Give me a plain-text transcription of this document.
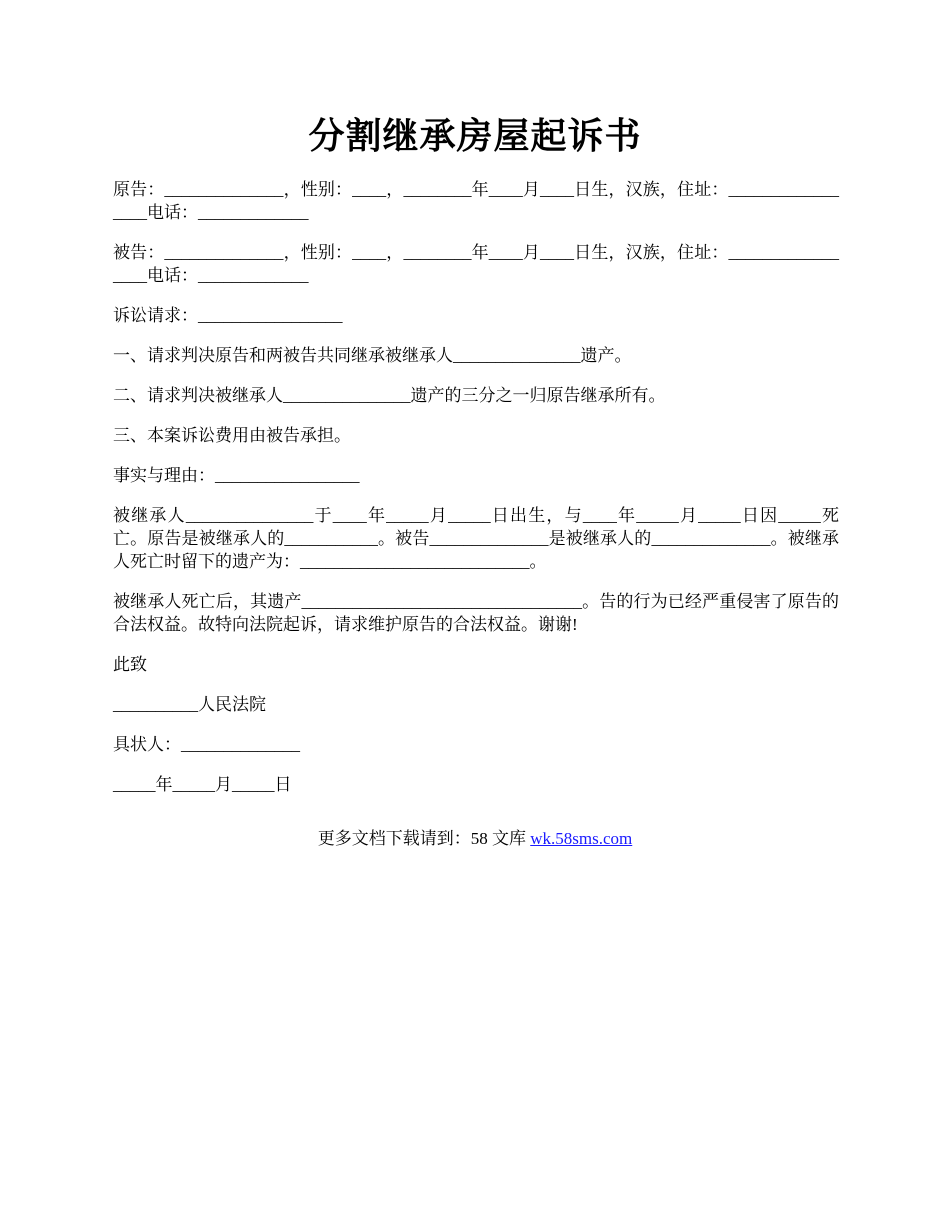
分割继承房屋起诉书

原告：______________，性别：____，________年____月____日生，汉族，住址：_________________电话：_____________

被告：______________，性别：____，________年____月____日生，汉族，住址：_________________电话：_____________

诉讼请求：_________________

一、请求判决原告和两被告共同继承被继承人_______________遗产。

二、请求判决被继承人_______________遗产的三分之一归原告继承所有。

三、本案诉讼费用由被告承担。

事实与理由：_________________

被继承人_______________于____年_____月_____日出生，与____年_____月_____日因_____死亡。原告是被继承人的___________。被告______________是被继承人的______________。被继承人死亡时留下的遗产为：___________________________。

被继承人死亡后，其遗产_________________________________。告的行为已经严重侵害了原告的合法权益。故特向法院起诉，请求维护原告的合法权益。谢谢!

此致

__________人民法院

具状人：______________

_____年_____月_____日

更多文档下载请到：58 文库 wk.58sms.com
